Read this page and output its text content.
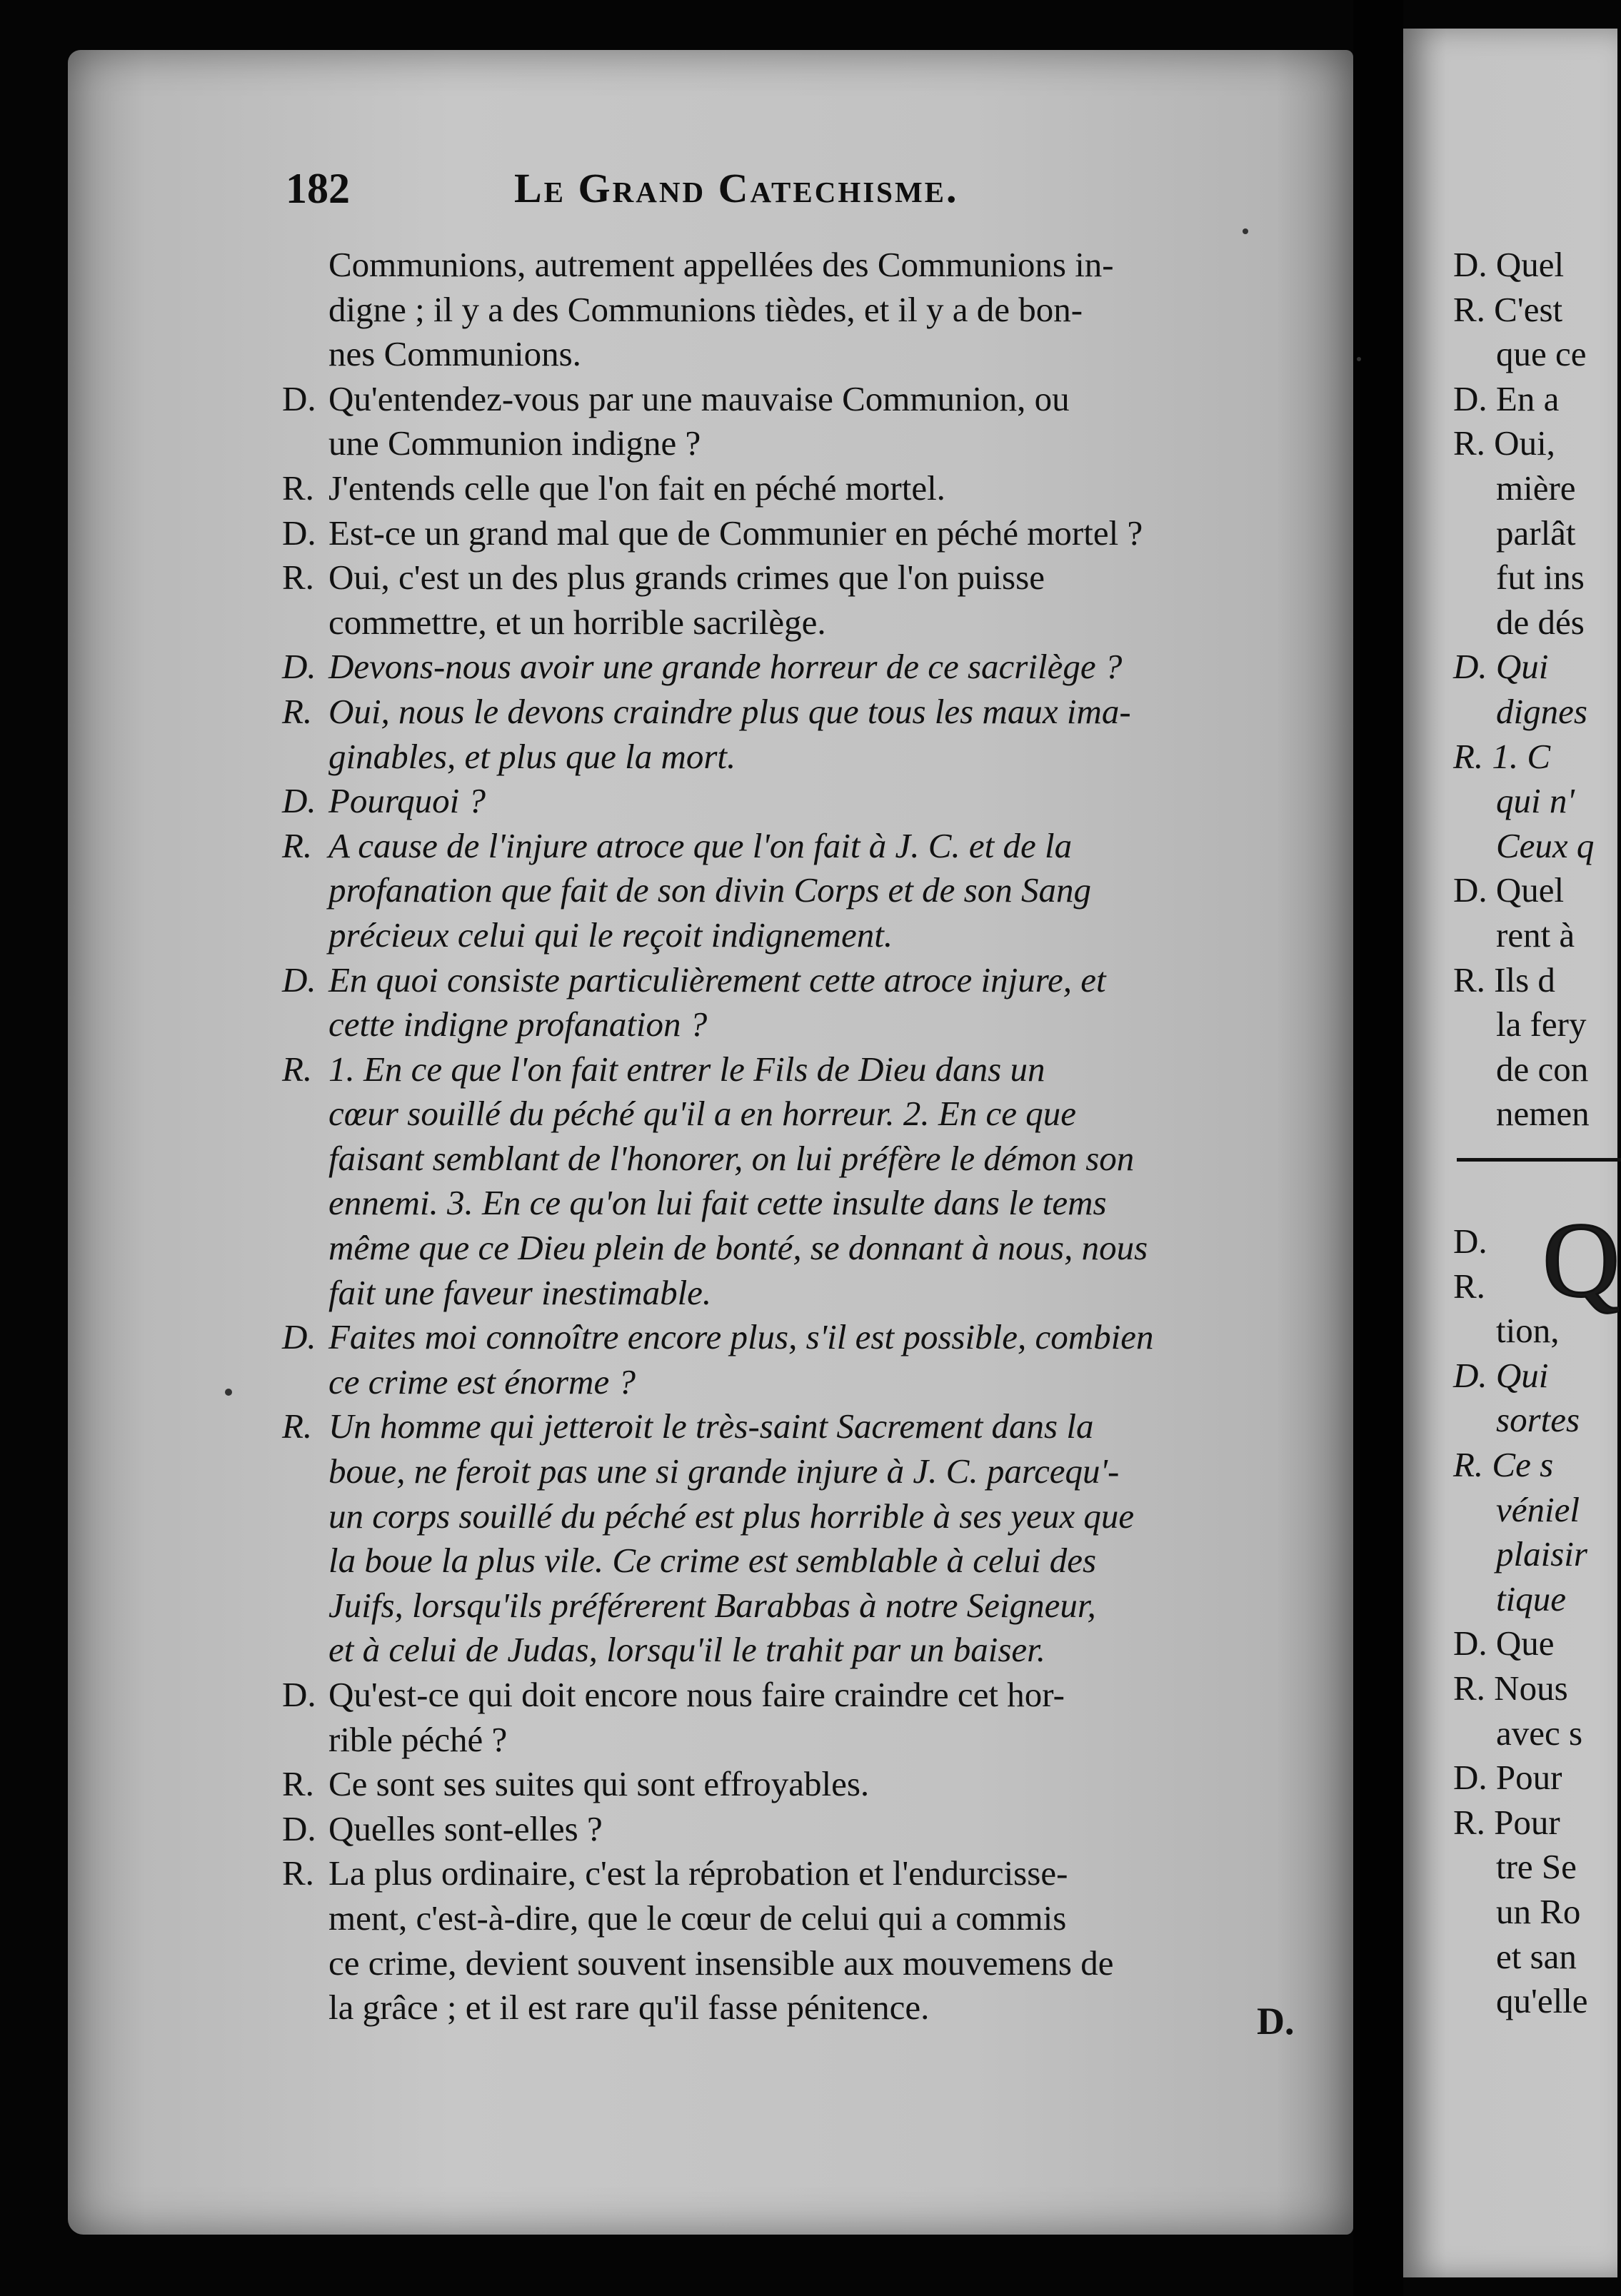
182	Le Grand Catechisme.
Communions, autrement appellées des Communions in-
digne ; il y a des Communions tièdes, et il y a de bon-
nes Communions.
D. Qu'entendez-vous par une mauvaise Communion, ou
une Communion indigne ?
R. J'entends celle que l'on fait en péché mortel.
D. Est-ce un grand mal que de Communier en péché mortel ?
R. Oui, c'est un des plus grands crimes que l'on puisse
commettre, et un horrible sacrilège.
D. Devons-nous avoir une grande horreur de ce sacrilège ?
R. Oui, nous le devons craindre plus que tous les maux ima-
ginables, et plus que la mort.
D. Pourquoi ?
R. A cause de l'injure atroce que l'on fait à J. C. et de la
profanation que fait de son divin Corps et de son Sang
précieux celui qui le reçoit indignement.
D. En quoi consiste particulièrement cette atroce injure, et
cette indigne profanation ?
R. 1. En ce que l'on fait entrer le Fils de Dieu dans un
cœur souillé du péché qu'il a en horreur. 2. En ce que
faisant semblant de l'honorer, on lui préfère le démon son
ennemi. 3. En ce qu'on lui fait cette insulte dans le tems
même que ce Dieu plein de bonté, se donnant à nous, nous
fait une faveur inestimable.
D. Faites moi connoître encore plus, s'il est possible, combien
ce crime est énorme ?
R. Un homme qui jetteroit le très-saint Sacrement dans la
boue, ne feroit pas une si grande injure à J. C. parcequ'-
un corps souillé du péché est plus horrible à ses yeux que
la boue la plus vile. Ce crime est semblable à celui des
Juifs, lorsqu'ils préférerent Barabbas à notre Seigneur,
et à celui de Judas, lorsqu'il le trahit par un baiser.
D. Qu'est-ce qui doit encore nous faire craindre cet hor-
rible péché ?
R. Ce sont ses suites qui sont effroyables.
D. Quelles sont-elles ?
R. La plus ordinaire, c'est la réprobation et l'endurcisse-
ment, c'est-à-dire, que le cœur de celui qui a commis
ce crime, devient souvent insensible aux mouvemens de
la grâce ; et il est rare qu'il fasse pénitence.	D.
D. Quel
R. C'est
que ce
D. En a
R. Oui,
mière
parlât
fut ins
de dés
D. Qui
dignes
R. 1. C
qui n'
Ceux q
D. Quel
rent à
R. Ils d
la fery
de con
nemen
Q
D.
R.
tion,
D. Qui
sortes
R. Ce s
véniel
plaisir
tique
D. Que
R. Nous
avec s
D. Pour
R. Pour
tre Se
un Ro
et san
qu'elle
